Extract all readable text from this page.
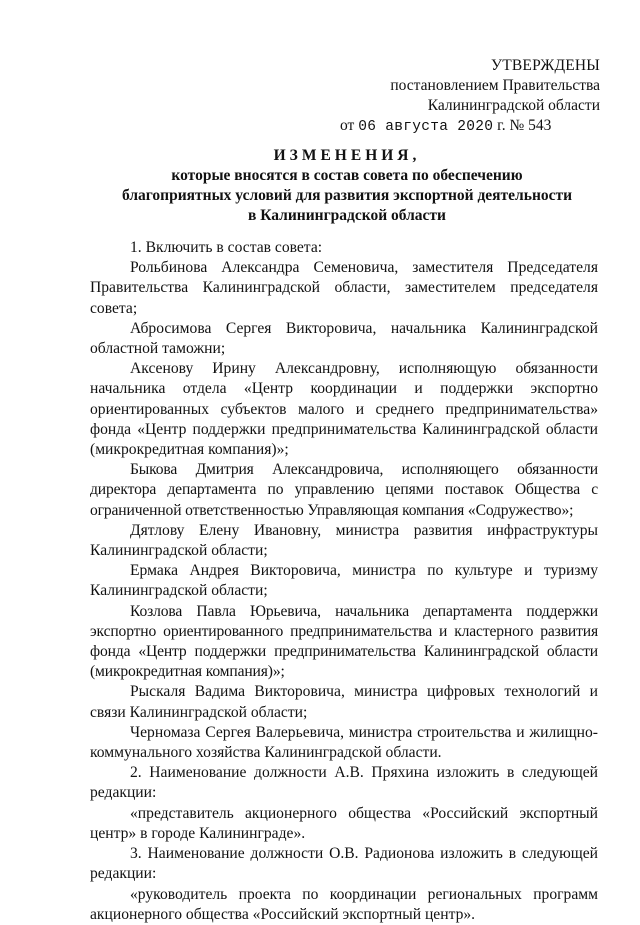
УТВЕРЖДЕНЫ
постановлением Правительства
Калининградской области
от 06 августа 2020 г. № 543
ИЗМЕНЕНИЯ,
которые вносятся в состав совета по обеспечению
благоприятных условий для развития экспортной деятельности
в Калининградской области

1. Включить в состав совета:

Рольбинова Александра Семеновича, заместителя Председателя Правительства Калининградской области, заместителем председателя совета;

Абросимова Сергея Викторовича, начальника Калининградской областной таможни;

Аксенову Ирину Александровну, исполняющую обязанности начальника отдела «Центр координации и поддержки экспортно ориентированных субъектов малого и среднего предпринимательства» фонда «Центр поддержки предпринимательства Калининградской области (микрокредитная компания)»;

Быкова Дмитрия Александровича, исполняющего обязанности директора департамента по управлению цепями поставок Общества с ограниченной ответственностью Управляющая компания «Содружество»;

Дятлову Елену Ивановну, министра развития инфраструктуры Калининградской области;

Ермака Андрея Викторовича, министра по культуре и туризму Калининградской области;

Козлова Павла Юрьевича, начальника департамента поддержки экспортно ориентированного предпринимательства и кластерного развития фонда «Центр поддержки предпринимательства Калининградской области (микрокредитная компания)»;

Рыскаля Вадима Викторовича, министра цифровых технологий и связи Калининградской области;

Черномаза Сергея Валерьевича, министра строительства и жилищно-коммунального хозяйства Калининградской области.

2. Наименование должности А.В. Пряхина изложить в следующей редакции:

«представитель акционерного общества «Российский экспортный центр» в городе Калининграде».

3. Наименование должности О.В. Радионова изложить в следующей редакции:

«руководитель проекта по координации региональных программ акционерного общества «Российский экспортный центр».
